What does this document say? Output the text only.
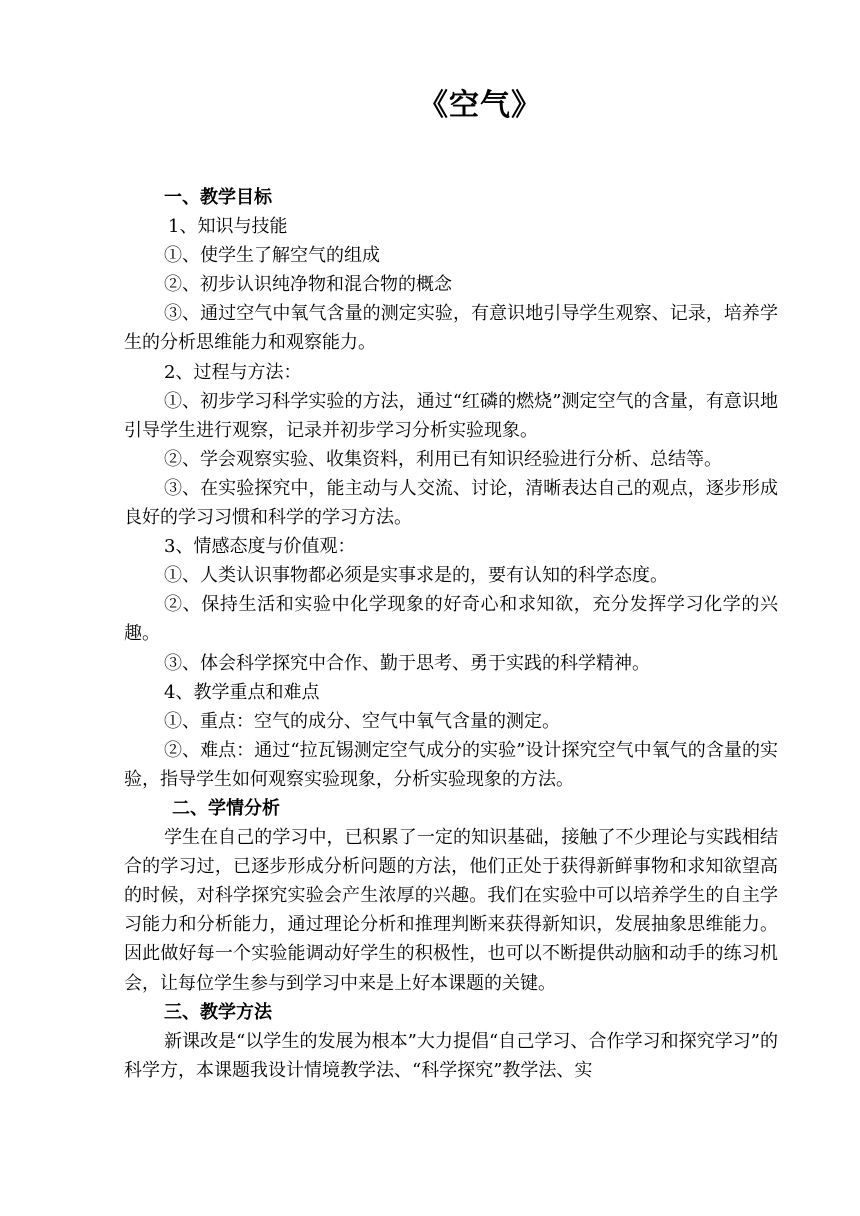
《空气》

一、教学目标

1、知识与技能

①、使学生了解空气的组成

②、初步认识纯净物和混合物的概念

③、通过空气中氧气含量的测定实验，有意识地引导学生观察、记录，培养学生的分析思维能力和观察能力。

2、过程与方法：

①、初步学习科学实验的方法，通过“红磷的燃烧”测定空气的含量，有意识地引导学生进行观察，记录并初步学习分析实验现象。

②、学会观察实验、收集资料，利用已有知识经验进行分析、总结等。

③、在实验探究中，能主动与人交流、讨论，清晰表达自己的观点，逐步形成良好的学习习惯和科学的学习方法。

3、情感态度与价值观：

①、人类认识事物都必须是实事求是的，要有认知的科学态度。

②、保持生活和实验中化学现象的好奇心和求知欲，充分发挥学习化学的兴趣。

③、体会科学探究中合作、勤于思考、勇于实践的科学精神。

4、教学重点和难点

①、重点：空气的成分、空气中氧气含量的测定。

②、难点：通过“拉瓦锡测定空气成分的实验”设计探究空气中氧气的含量的实验，指导学生如何观察实验现象，分析实验现象的方法。

二、学情分析

学生在自己的学习中，已积累了一定的知识基础，接触了不少理论与实践相结合的学习过，已逐步形成分析问题的方法，他们正处于获得新鲜事物和求知欲望高的时候，对科学探究实验会产生浓厚的兴趣。我们在实验中可以培养学生的自主学习能力和分析能力，通过理论分析和推理判断来获得新知识，发展抽象思维能力。因此做好每一个实验能调动好学生的积极性，也可以不断提供动脑和动手的练习机会，让每位学生参与到学习中来是上好本课题的关键。

三、教学方法

新课改是“以学生的发展为根本”大力提倡“自己学习、合作学习和探究学习”的科学方，本课题我设计情境教学法、“科学探究”教学法、实
